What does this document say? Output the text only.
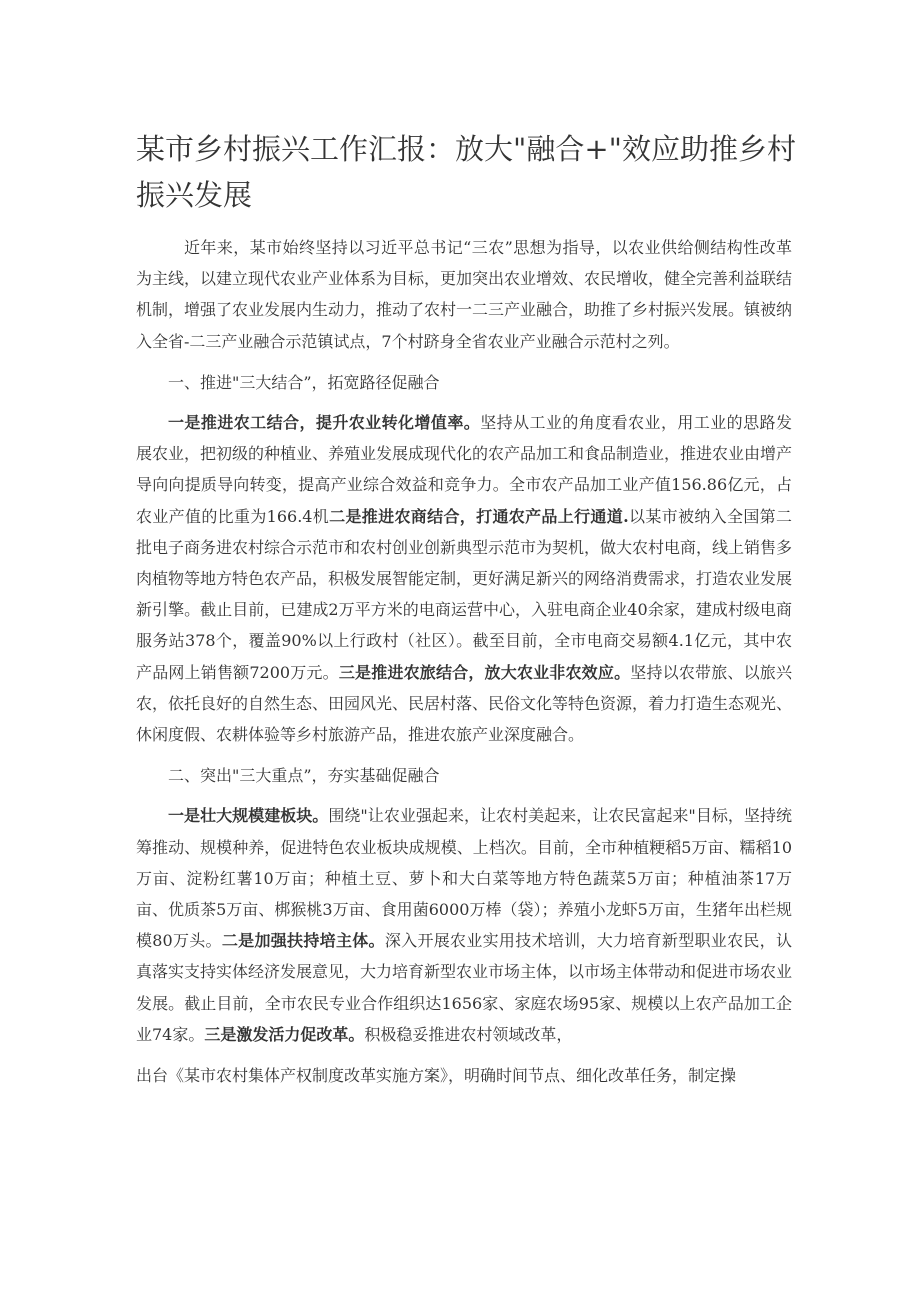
某市乡村振兴工作汇报：放大"融合+"效应助推乡村振兴发展

近年来，某市始终坚持以习近平总书记“三农”思想为指导，以农业供给侧结构性改革为主线，以建立现代农业产业体系为目标，更加突出农业增效、农民增收，健全完善利益联结机制，增强了农业发展内生动力，推动了农村一二三产业融合，助推了乡村振兴发展。镇被纳入全省-二三产业融合示范镇试点，7个村跻身全省农业产业融合示范村之列。

一、推进"三大结合”，拓宽路径促融合

一是推进农工结合，提升农业转化增值率。坚持从工业的角度看农业，用工业的思路发展农业，把初级的种植业、养殖业发展成现代化的农产品加工和食品制造业，推进农业由增产导向向提质导向转变，提高产业综合效益和竞争力。全市农产品加工业产值156.86亿元，占农业产值的比重为166.4机二是推进农商结合，打通农产品上行通道.以某市被纳入全国第二批电子商务进农村综合示范市和农村创业创新典型示范市为契机，做大农村电商，线上销售多肉植物等地方特色农产品，积极发展智能定制，更好满足新兴的网络消费需求，打造农业发展新引擎。截止目前，已建成2万平方米的电商运营中心，入驻电商企业40余家，建成村级电商服务站378个，覆盖90%以上行政村（社区）。截至目前，全市电商交易额4.1亿元，其中农产品网上销售额7200万元。三是推进农旅结合，放大农业非农效应。坚持以农带旅、以旅兴农，依托良好的自然生态、田园风光、民居村落、民俗文化等特色资源，着力打造生态观光、休闲度假、农耕体验等乡村旅游产品，推进农旅产业深度融合。

二、突出"三大重点”，夯实基础促融合

一是壮大规模建板块。围绕"让农业强起来，让农村美起来，让农民富起来"目标，坚持统筹推动、规模种养，促进特色农业板块成规模、上档次。目前，全市种植粳稻5万亩、糯稻10万亩、淀粉红薯10万亩；种植土豆、萝卜和大白菜等地方特色蔬菜5万亩；种植油茶17万亩、优质茶5万亩、梆猴桃3万亩、食用菌6000万棒（袋）；养殖小龙虾5万亩，生猪年出栏规模80万头。二是加强扶持培主体。深入开展农业实用技术培训，大力培育新型职业农民，认真落实支持实体经济发展意见，大力培育新型农业市场主体，以市场主体带动和促进市场农业发展。截止目前，全市农民专业合作组织达1656家、家庭农场95家、规模以上农产品加工企业74家。三是激发活力促改革。积极稳妥推进农村领域改革，

出台《某市农村集体产权制度改革实施方案》，明确时间节点、细化改革任务，制定操
